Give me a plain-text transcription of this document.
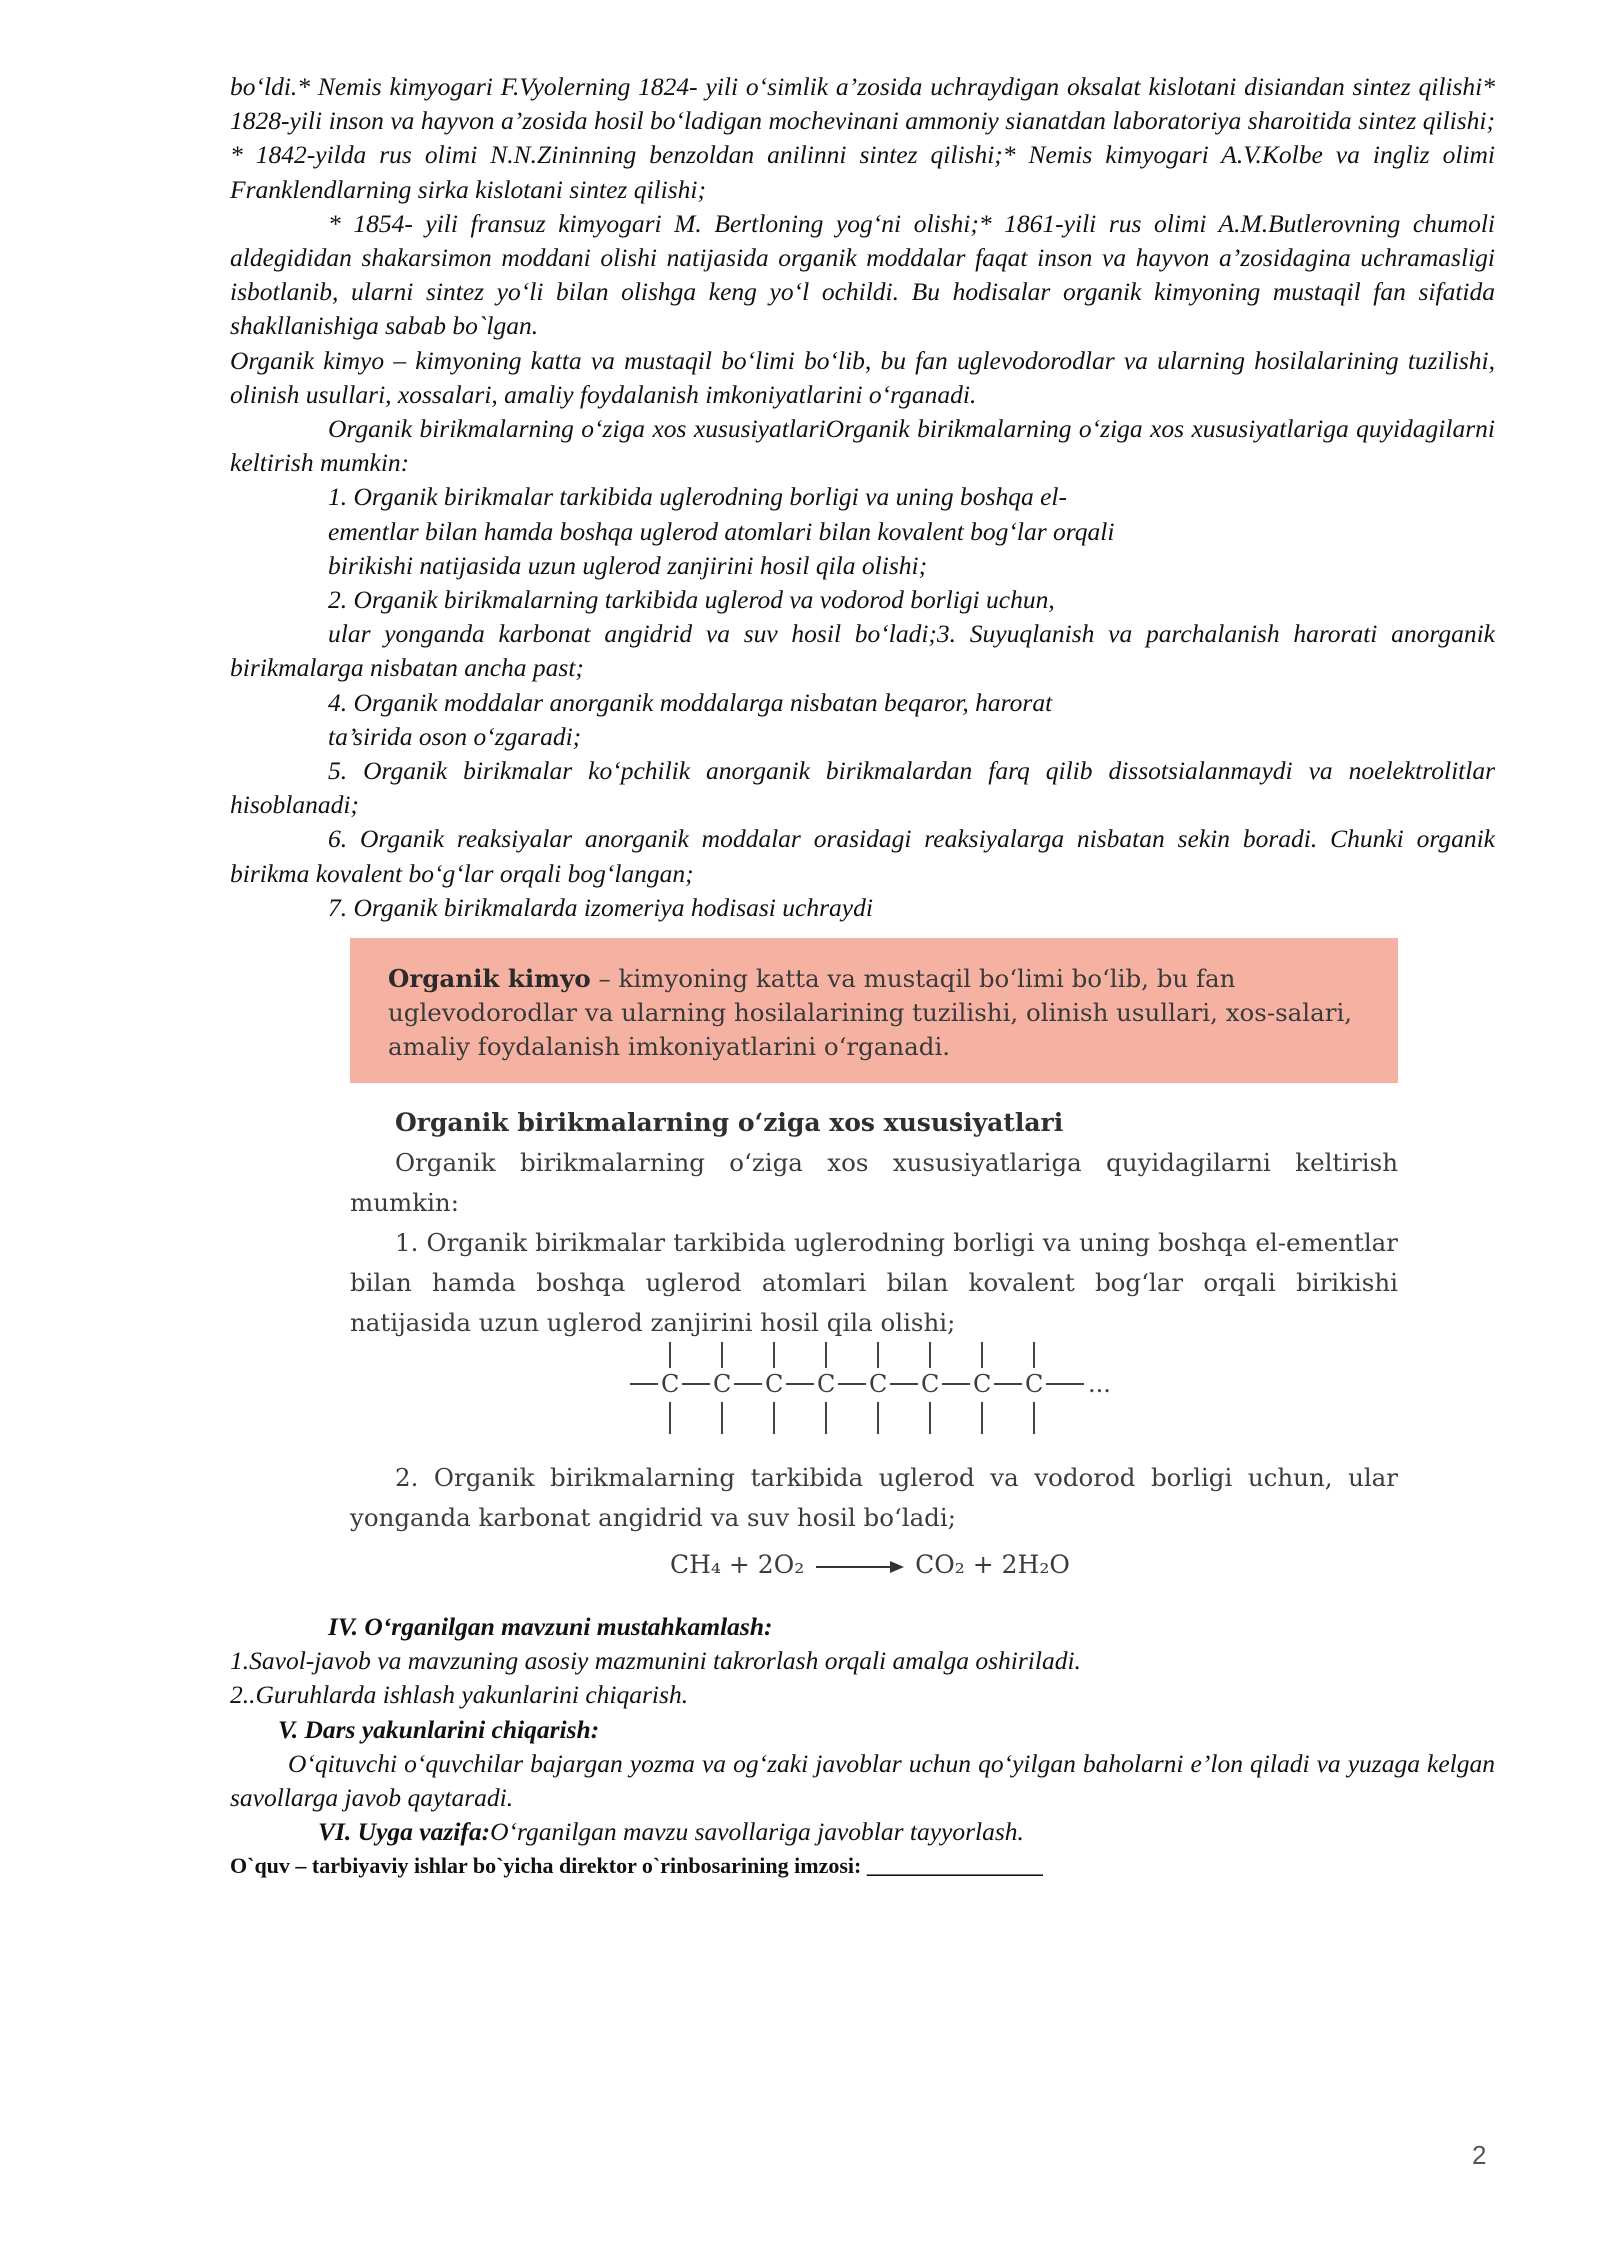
bo‘ldi.* Nemis kimyogari F.Vyolerning 1824- yili o‘simlik a’zosida uchraydigan oksalat kislotani disiandan sintez qilishi* 1828-yili inson va hayvon a’zosida hosil bo‘ladigan mochevinani ammoniy sianatdan laboratoriya sharoitida sintez qilishi; * 1842-yilda rus olimi N.N.Zininning benzoldan anilinni sintez qilishi;* Nemis kimyogari A.V.Kolbe va ingliz olimi Franklendlarning sirka kislotani sintez qilishi;

* 1854- yili fransuz kimyogari M. Bertloning yog‘ni olishi;* 1861-yili rus olimi A.M.Butlerovning chumoli aldegididan shakarsimon moddani olishi natijasida organik moddalar faqat inson va hayvon a’zosidagina uchramasligi isbotlanib, ularni sintez yo‘li bilan olishga keng yo‘l ochildi. Bu hodisalar organik kimyoning mustaqil fan sifatida shakllanishiga sabab bo`lgan.

Organik kimyo – kimyoning katta va mustaqil bo‘limi bo‘lib, bu fan uglevodorodlar va ularning hosilalarining tuzilishi, olinish usullari, xossalari, amaliy foydalanish imkoniyatlarini o‘rganadi.

Organik birikmalarning o‘ziga xos xususiyatlariOrganik birikmalarning o‘ziga xos xususiyatlariga quyidagilarni keltirish mumkin:

1. Organik birikmalar tarkibida uglerodning borligi va uning boshqa el-

ementlar bilan hamda boshqa uglerod atomlari bilan kovalent bog‘lar orqali

birikishi natijasida uzun uglerod zanjirini hosil qila olishi;

2. Organik birikmalarning tarkibida uglerod va vodorod borligi uchun,

ular yonganda karbonat angidrid va suv hosil bo‘ladi;3. Suyuqlanish va parchalanish harorati anorganik birikmalarga nisbatan ancha past;

4. Organik moddalar anorganik moddalarga nisbatan beqaror, harorat

ta’sirida oson o‘zgaradi;

5. Organik birikmalar ko‘pchilik anorganik birikmalardan farq qilib dissotsialanmaydi va noelektrolitlar hisoblanadi;

6. Organik reaksiyalar anorganik moddalar orasidagi reaksiyalarga nisbatan sekin boradi. Chunki organik birikma kovalent bo‘g‘lar orqali bog‘langan;

7. Organik birikmalarda izomeriya hodisasi uchraydi

Organik kimyo – kimyoning katta va mustaqil bo‘limi bo‘lib, bu fan uglevodorodlar va ularning hosilalarining tuzilishi, olinish usullari, xos-salari, amaliy foydalanish imkoniyatlarini o‘rganadi.

Organik birikmalarning o‘ziga xos xususiyatlari

Organik birikmalarning o‘ziga xos xususiyatlariga quyidagilarni keltirish mumkin:

1. Organik birikmalar tarkibida uglerodning borligi va uning boshqa el-ementlar bilan hamda boshqa uglerod atomlari bilan kovalent bog‘lar orqali birikishi natijasida uzun uglerod zanjirini hosil qila olishi;

C C C C C C C C ...

2. Organik birikmalarning tarkibida uglerod va vodorod borligi uchun, ular yonganda karbonat angidrid va suv hosil bo‘ladi;

CH₄ + 2O₂ → CO₂ + 2H₂O

IV. O‘rganilgan mavzuni mustahkamlash:

1.Savol-javob va mavzuning asosiy mazmunini takrorlash orqali amalga oshiriladi.

2..Guruhlarda ishlash yakunlarini chiqarish.

V. Dars yakunlarini chiqarish:

O‘qituvchi o‘quvchilar bajargan yozma va og‘zaki javoblar uchun qo‘yilgan baholarni e’lon qiladi va yuzaga kelgan savollarga javob qaytaradi.

VI. Uyga vazifa:O‘rganilgan mavzu savollariga javoblar tayyorlash.

O`quv – tarbiyaviy ishlar bo`yicha direktor o`rinbosarining imzosi: ________________

2
